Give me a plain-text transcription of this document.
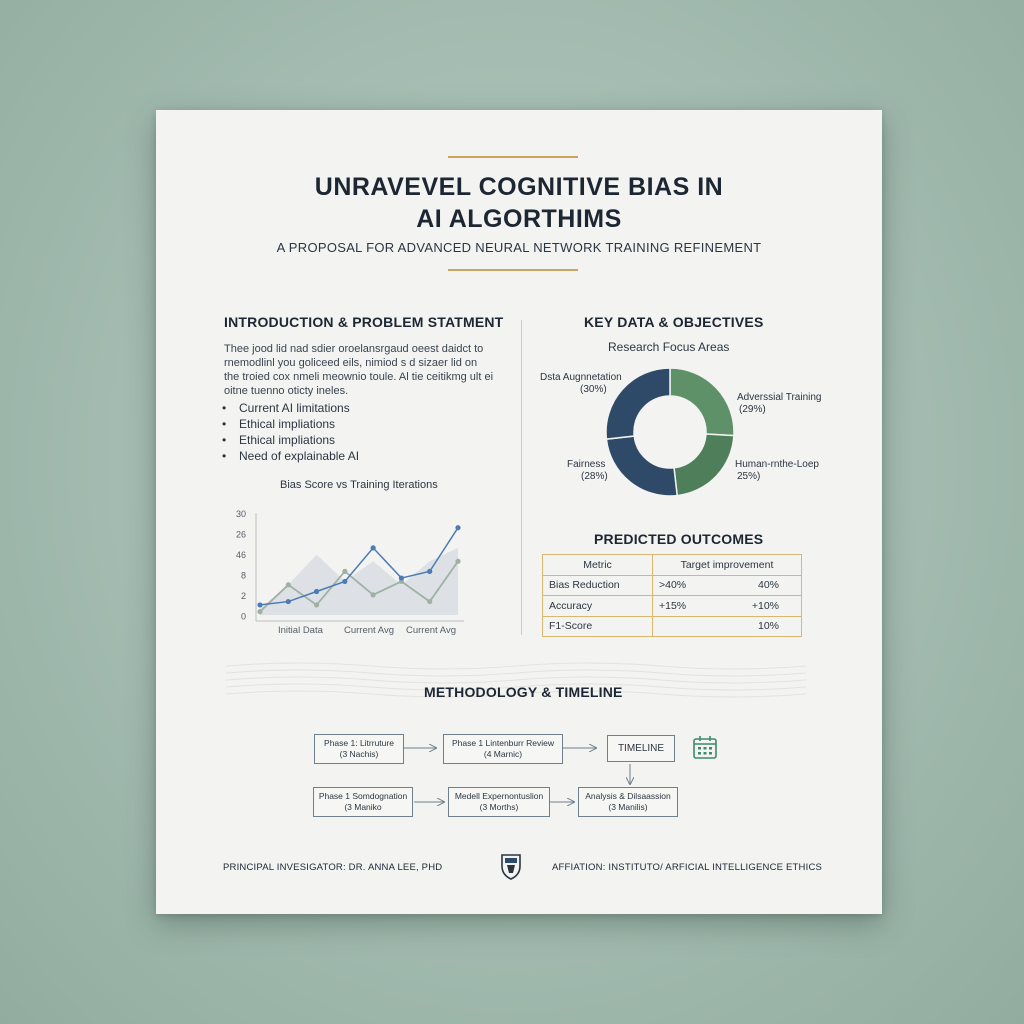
UNRAVEVEL COGNITIVE BIAS IN
AI ALGORTHIMS
A PROPOSAL FOR ADVANCED NEURAL NETWORK TRAINING REFINEMENT
INTRODUCTION & PROBLEM STATMENT
Thee jood lid nad sdier oroelansrgaud oeest daidct to rnemodlinl you goliceed eils, nimiod s d sizaer lid on the troied cox nmeli meownio toule. Al tie ceitikmg ult ei oitne tuenno oticty ineles.
• Current AI limitations
• Ethical impliations
• Ethical impliations
• Need of explainable AI
Bias Score vs Training Iterations
30
26
46
8
2
0
Initial Data Current Avg Current Avg
KEY DATA & OBJECTIVES
Research Focus Areas
Dsta Augnnetation
(30%)
Adverssial Training
(29%)
Human-rnthe-Loep
25%)
Fairness
(28%)
PREDICTED OUTCOMES
Metric	Target improvement	
Bias Reduction	>40%	40%
Accuracy	+15%	+10%
F1-Score		10%
METHODOLOGY & TIMELINE
Phase 1: Litrruture
(3 Nachis)
Phase 1 Lintenburr Review
(4 Marnic)	TIMELINE
Phase 1 Somdognation
(3 Maniko
Medell Expernontuslion
(3 Morths)
Analysis & Dilsaassion
(3 Manilis)
PRINCIPAL INVESIGATOR: DR. ANNA LEE, PHD	AFFIATION: INSTITUTO/ ARFICIAL INTELLIGENCE ETHICS
